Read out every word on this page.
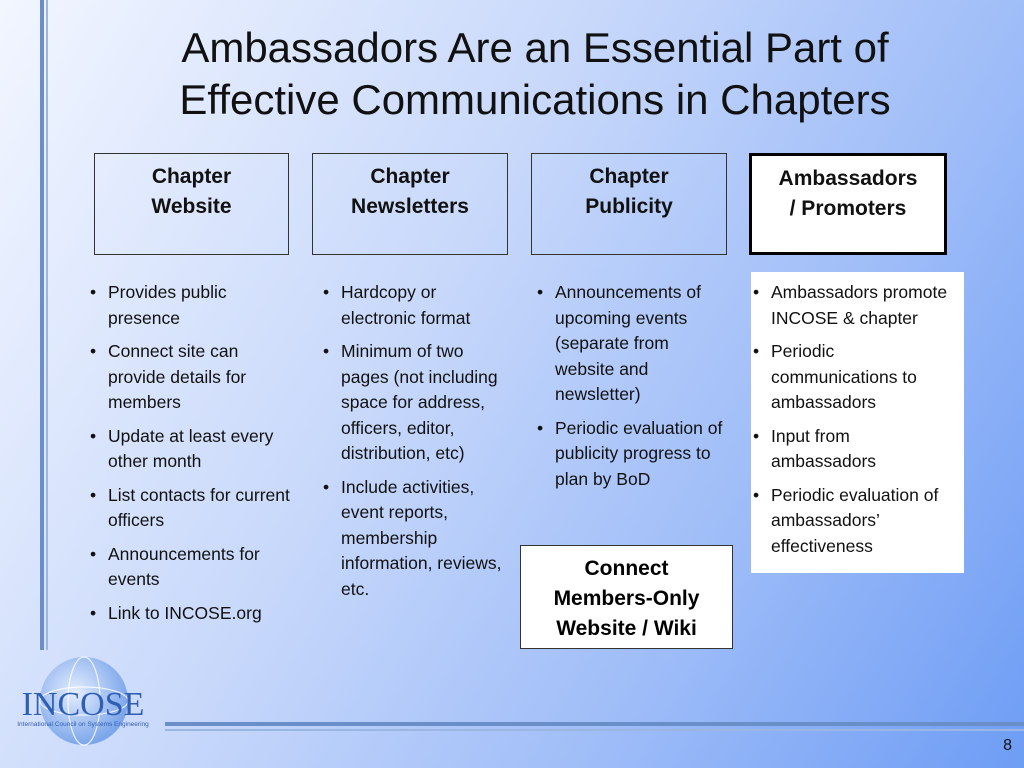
Ambassadors Are an Essential Part of Effective Communications in Chapters
Chapter
Website
Chapter
Newsletters
Chapter
Publicity
Ambassadors
/ Promoters
• Provides public presence
• Connect site can provide details for members
• Update at least every other month
• List contacts for current officers
• Announcements for events
• Link to INCOSE.org
• Hardcopy or electronic format
• Minimum of two pages (not including space for address, officers, editor, distribution, etc)
• Include activities, event reports, membership information, reviews, etc.
• Announcements of upcoming events (separate from website and newsletter)
• Periodic evaluation of publicity progress to plan by BoD
• Ambassadors promote INCOSE & chapter
• Periodic communications to ambassadors
• Input from ambassadors
• Periodic evaluation of ambassadors’ effectiveness
Connect
Members-Only
Website / Wiki
INCOSE
International Council on Systems Engineering
8
